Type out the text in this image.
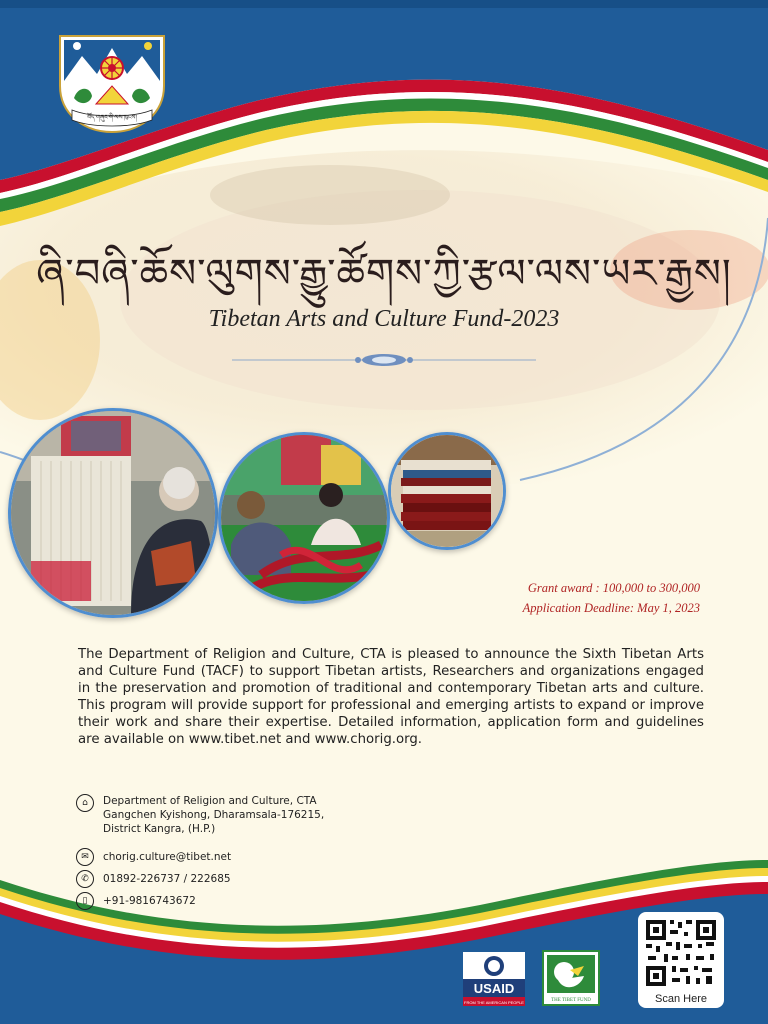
བོད་གཞུང་གི་ལས་ཁུངས།
ཞི་བཞི་ཆོས་ལུགས་རྒྱུ་ཚོགས་ཀྱི་རྩལ་ལས་ཡར་རྒྱས།
Tibetan Arts and Culture Fund-2023
Grant award : 100,000 to 300,000
Application Deadline: May 1, 2023
The Department of Religion and Culture, CTA is pleased to announce the Sixth Tibetan Arts and Culture Fund (TACF) to support Tibetan artists, Researchers and organizations engaged in the preservation and promotion of traditional and contemporary Tibetan arts and culture. This program will provide support for professional and emerging artists to expand or improve their work and share their expertise. Detailed information, application form and guidelines are available on www.tibet.net and www.chorig.org.
⌂	Department of Religion and Culture, CTA
Gangchen Kyishong, Dharamsala-176215,
District Kangra, (H.P.)
✉	chorig.culture@tibet.net
✆	01892-226737 / 222685
▯	+91-9816743672
USAID
FROM THE AMERICAN PEOPLE	THE TIBET FUND	Scan Here
